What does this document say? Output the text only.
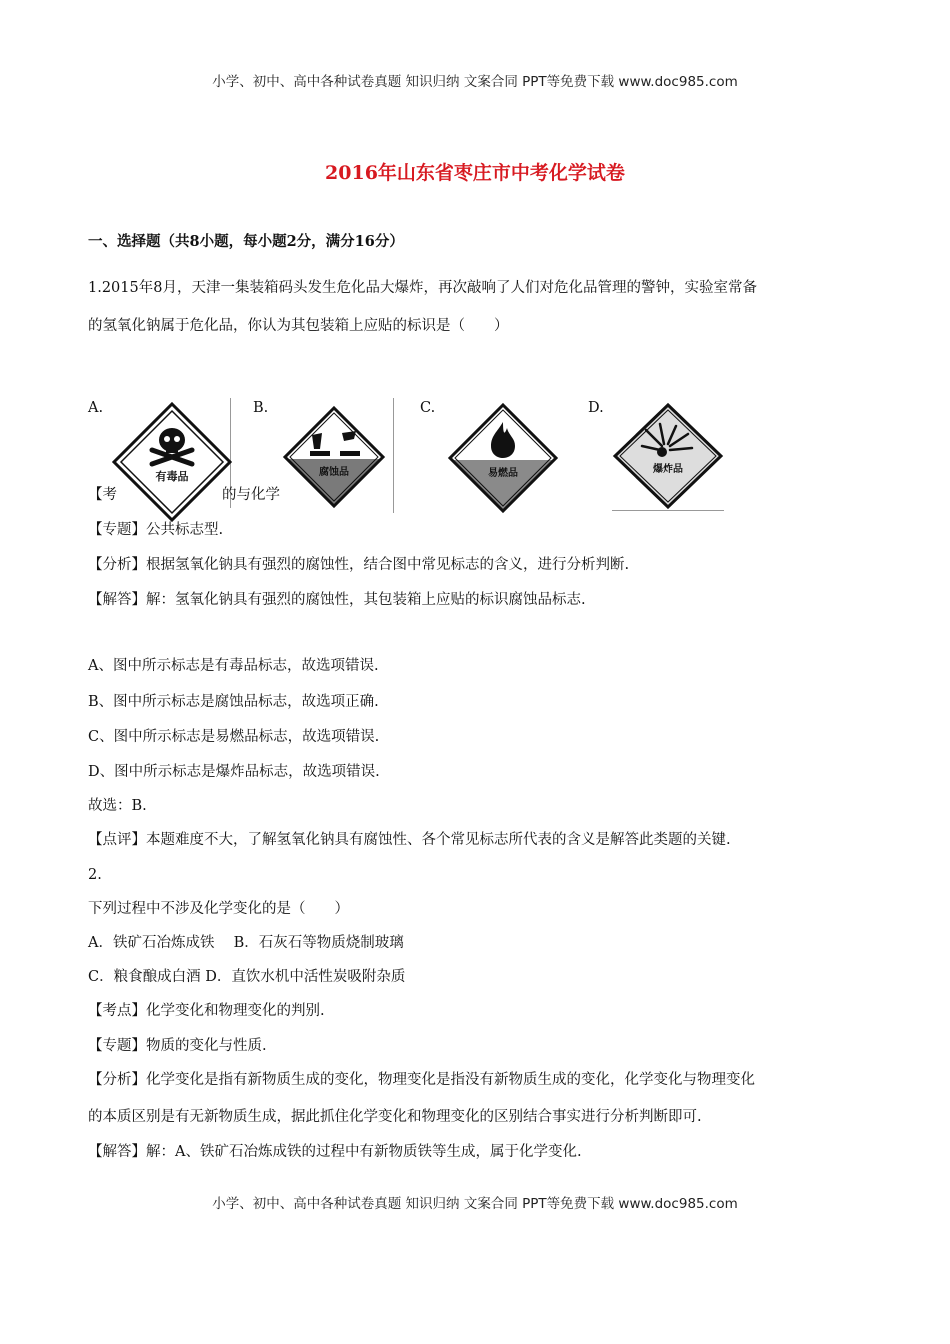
小学、初中、高中各种试卷真题 知识归纳 文案合同 PPT等免费下载 www.doc985.com
2016年山东省枣庄市中考化学试卷
一、选择题（共8小题，每小题2分，满分16分）
1.2015年8月，天津一集装箱码头发生危化品大爆炸，再次敲响了人们对危化品管理的警钟，实验室常备
的氢氧化钠属于危化品，你认为其包装箱上应贴的标识是（　　）
A.	B.	C.	D.
【考	的与化学
有毒品	腐蚀品	易燃品	爆炸品
【专题】公共标志型.
【分析】根据氢氧化钠具有强烈的腐蚀性，结合图中常见标志的含义，进行分析判断.
【解答】解：氢氧化钠具有强烈的腐蚀性，其包装箱上应贴的标识腐蚀品标志.
A、图中所示标志是有毒品标志，故选项错误.
B、图中所示标志是腐蚀品标志，故选项正确.
C、图中所示标志是易燃品标志，故选项错误.
D、图中所示标志是爆炸品标志，故选项错误.
故选：B.
【点评】本题难度不大，了解氢氧化钠具有腐蚀性、各个常见标志所代表的含义是解答此类题的关键.
2.
下列过程中不涉及化学变化的是（　　）
A．铁矿石冶炼成铁　 B．石灰石等物质烧制玻璃
C．粮食酿成白酒 D．直饮水机中活性炭吸附杂质
【考点】化学变化和物理变化的判别.
【专题】物质的变化与性质.
【分析】化学变化是指有新物质生成的变化，物理变化是指没有新物质生成的变化，化学变化与物理变化
的本质区别是有无新物质生成，据此抓住化学变化和物理变化的区别结合事实进行分析判断即可.
【解答】解：A、铁矿石冶炼成铁的过程中有新物质铁等生成，属于化学变化.
小学、初中、高中各种试卷真题 知识归纳 文案合同 PPT等免费下载 www.doc985.com
